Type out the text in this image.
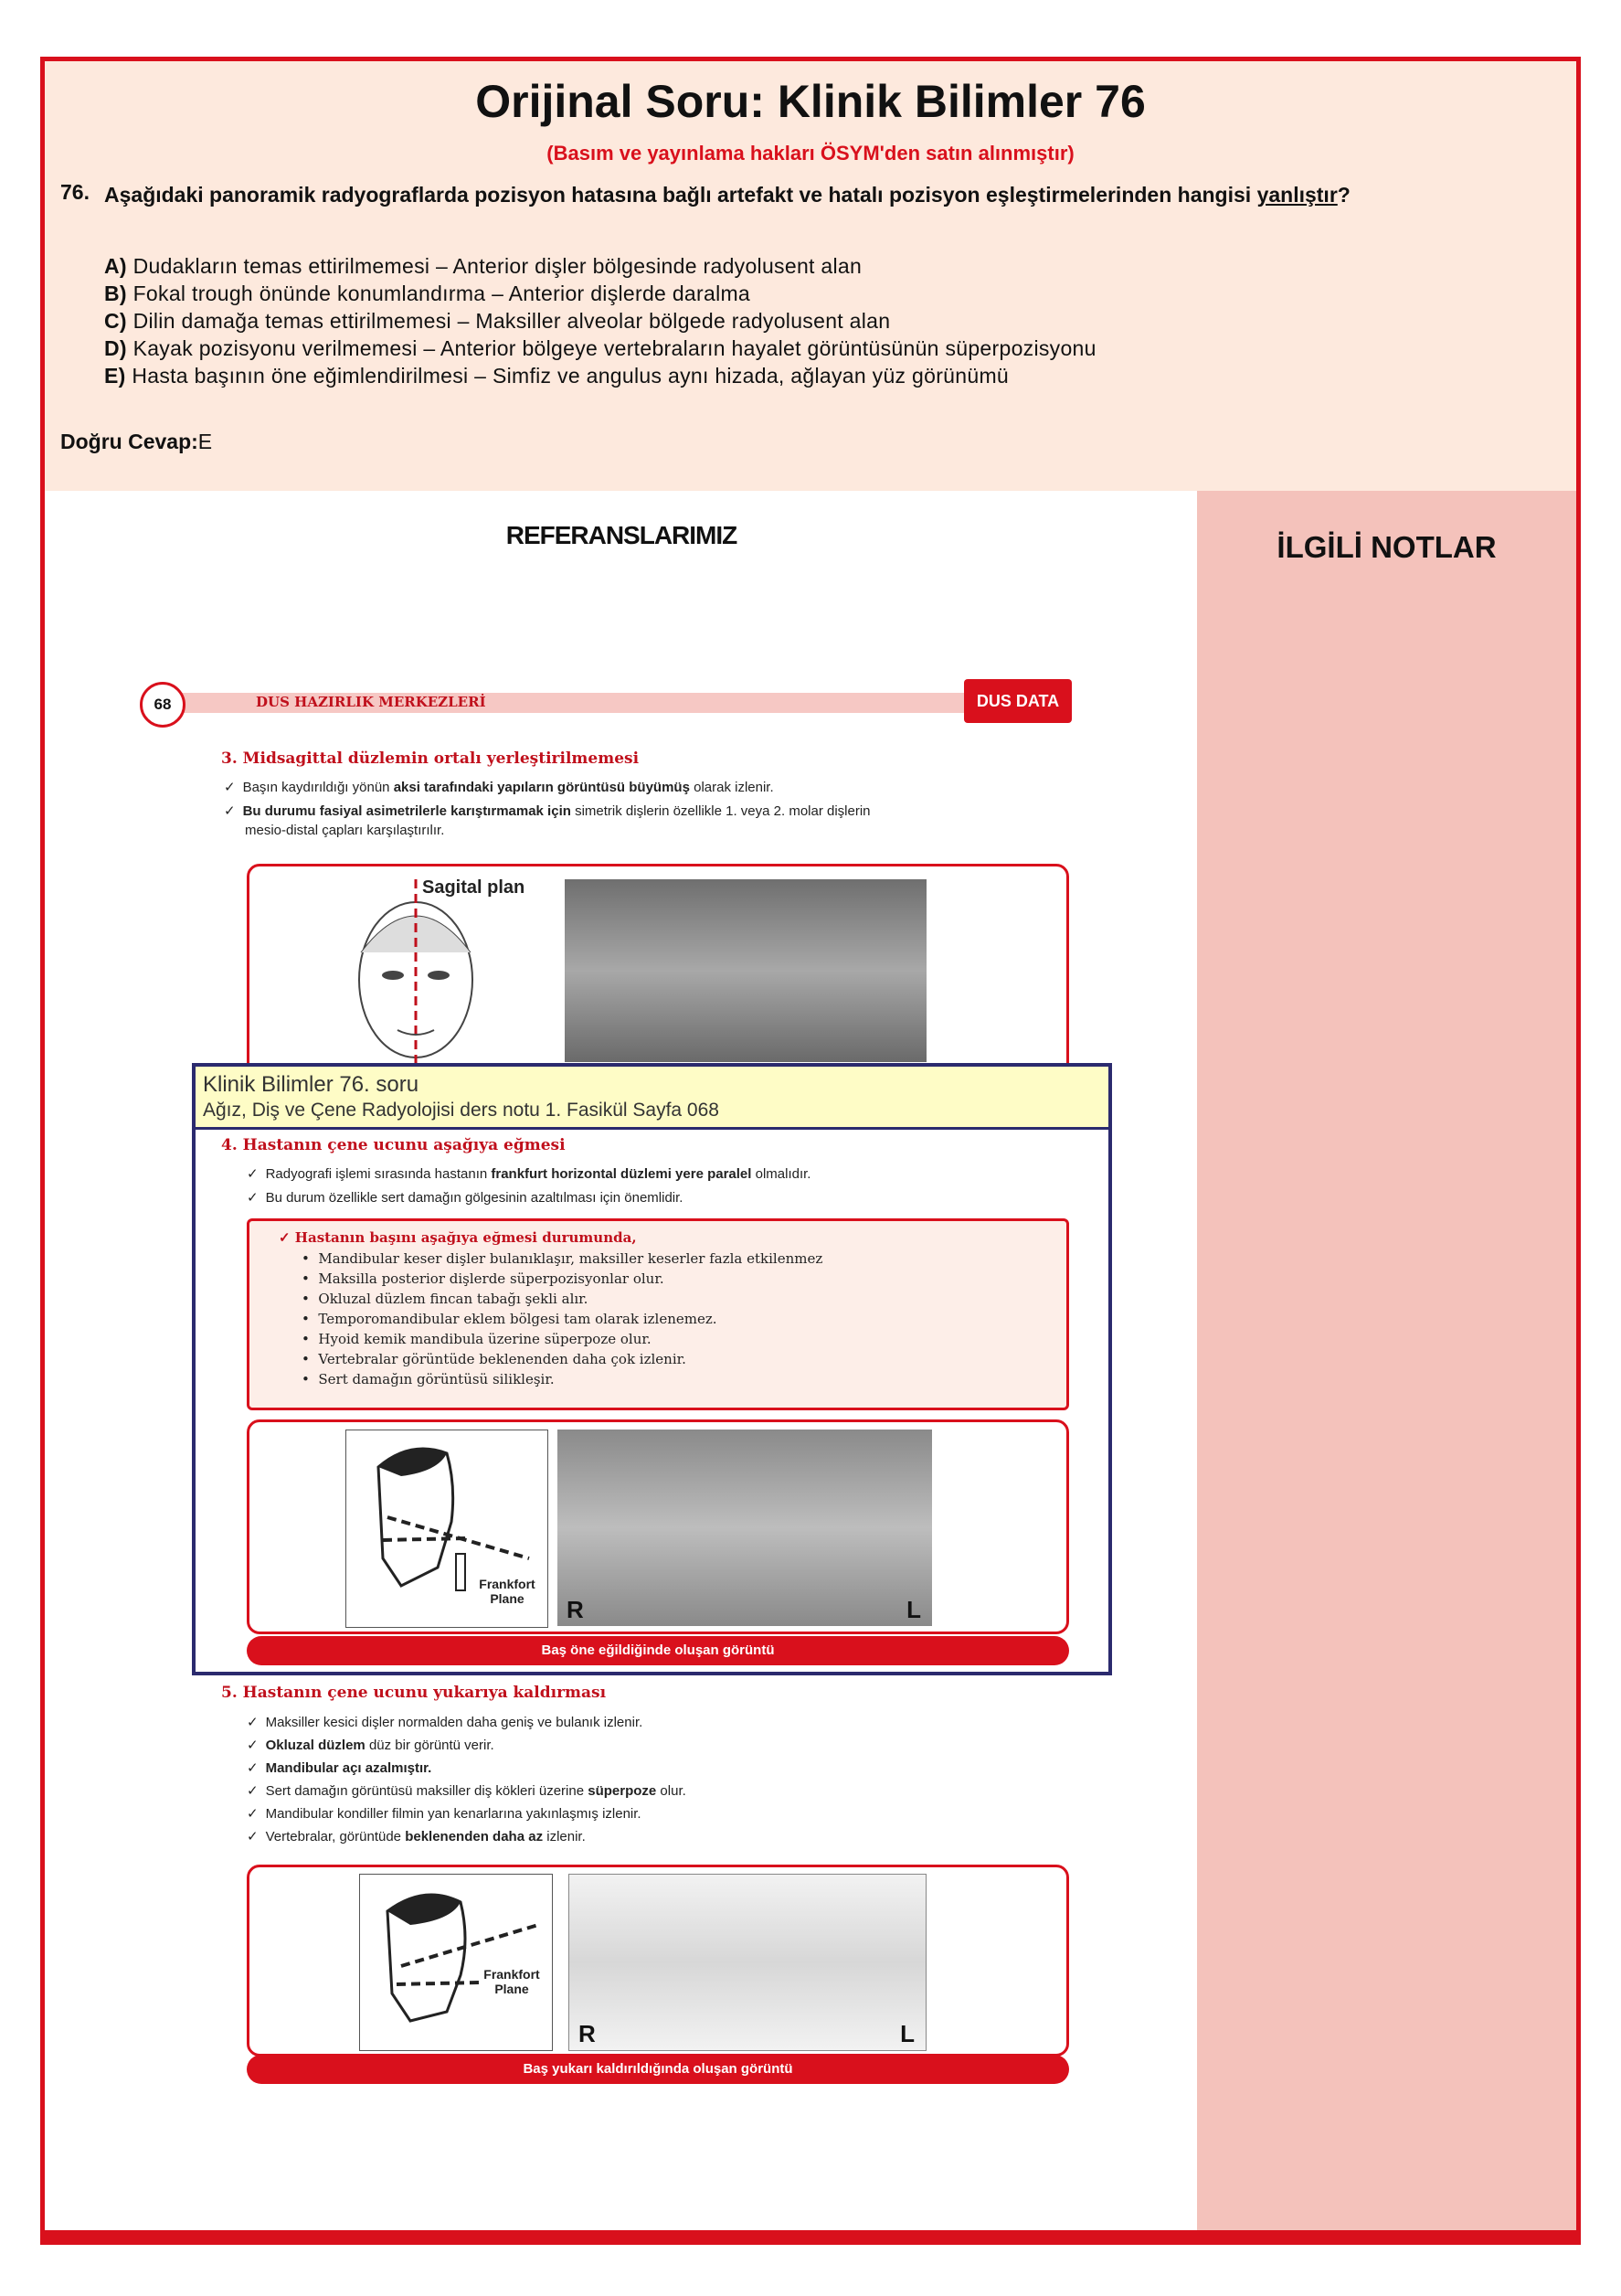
Orijinal Soru: Klinik Bilimler 76
(Basım ve yayınlama hakları ÖSYM'den satın alınmıştır)
76. Aşağıdaki panoramik radyograflarda pozisyon hatasına bağlı artefakt ve hatalı pozisyon eşleştirmelerinden hangisi yanlıştır?
A) Dudakların temas ettirilmemesi – Anterior dişler bölgesinde radyolusent alan
B) Fokal trough önünde konumlandırma – Anterior dişlerde daralma
C) Dilin damağa temas ettirilmemesi – Maksiller alveolar bölgede radyolusent alan
D) Kayak pozisyonu verilmemesi – Anterior bölgeye vertebraların hayalet görüntüsünün süperpozisyonu
E) Hasta başının öne eğimlendirilmesi – Simfiz ve angulus aynı hizada, ağlayan yüz görünümü
Doğru Cevap:E
REFERANSLARIMIZ	İLGİLİ NOTLAR
68	DUS HAZIRLIK MERKEZLERİ	DUS DATA
3. Midsagittal düzlemin ortalı yerleştirilmemesi
✓ Başın kaydırıldığı yönün aksi tarafındaki yapıların görüntüsü büyümüş olarak izlenir.
✓ Bu durumu fasiyal asimetrilerle karıştırmamak için simetrik dişlerin özellikle 1. veya 2. molar dişlerin
mesio-distal çapları karşılaştırılır.
Sagital plan
4. Hastanın çene ucunu aşağıya eğmesi
✓ Radyografi işlemi sırasında hastanın frankfurt horizontal düzlemi yere paralel olmalıdır.
✓ Bu durum özellikle sert damağın gölgesinin azaltılması için önemlidir.
✓ Hastanın başını aşağıya eğmesi durumunda,
•  Mandibular keser dişler bulanıklaşır, maksiller keserler fazla etkilenmez
•  Maksilla posterior dişlerde süperpozisyonlar olur.
•  Okluzal düzlem fincan tabağı şekli alır.
•  Temporomandibular eklem bölgesi tam olarak izlenemez.
•  Hyoid kemik mandibula üzerine süperpoze olur.
•  Vertebralar görüntüde beklenenden daha çok izlenir.
•  Sert damağın görüntüsü silikleşir.
Frankfort Plane	R	L
Baş öne eğildiğinde oluşan görüntü
Klinik Bilimler 76. soru
Ağız, Diş ve Çene Radyolojisi ders notu 1. Fasikül Sayfa 068
5. Hastanın çene ucunu yukarıya kaldırması
✓ Maksiller kesici dişler normalden daha geniş ve bulanık izlenir.
✓ Okluzal düzlem düz bir görüntü verir.
✓ Mandibular açı azalmıştır.
✓ Sert damağın görüntüsü maksiller diş kökleri üzerine süperpoze olur.
✓ Mandibular kondiller filmin yan kenarlarına yakınlaşmış izlenir.
✓ Vertebralar, görüntüde beklenenden daha az izlenir.
Frankfort Plane
R	L
Baş yukarı kaldırıldığında oluşan görüntü
